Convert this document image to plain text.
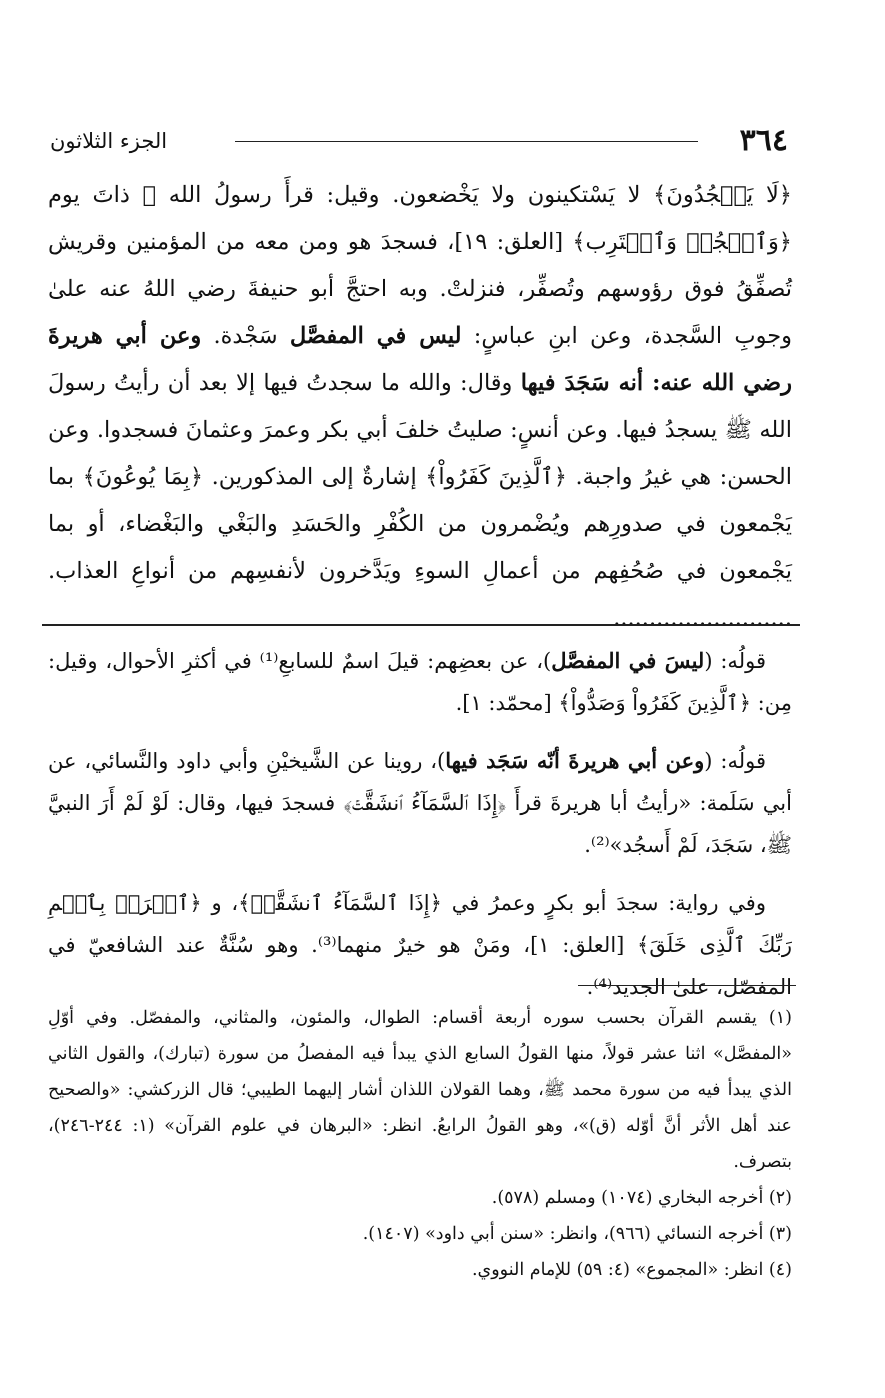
٣٦٤
الجزء الثلاثون

﴿لَا يَسۡجُدُونَ﴾ لا يَسْتكينون ولا يَخْضعون. وقيل: قرأَ رسولُ الله ﷺ ذاتَ يوم ﴿وَٱسۡجُدۡ وَٱقۡتَرِب﴾ [العلق: ١٩]، فسجدَ هو ومن معه من المؤمنين وقريش تُصفِّقُ فوق رؤوسهم وتُصفِّر، فنزلتْ. وبه احتجَّ أبو حنيفةَ رضي اللهُ عنه علىٰ وجوبِ السَّجدة، وعن ابنِ عباسٍ: ليس في المفصَّل سَجْدة. وعن أبي هريرةَ رضي الله عنه: أنه سَجَدَ فيها وقال: والله ما سجدتُ فيها إلا بعد أن رأيتُ رسولَ الله ﷺ يسجدُ فيها. وعن أنسٍ: صليتُ خلفَ أبي بكر وعمرَ وعثمانَ فسجدوا. وعن الحسن: هي غيرُ واجبة. ﴿ٱلَّذِينَ كَفَرُواْ﴾ إشارةٌ إلى المذكورين. ﴿بِمَا يُوعُونَ﴾ بما يَجْمعون في صدورِهم ويُضْمرون من الكُفْرِ والحَسَدِ والبَغْي والبَغْضاء، أو بما يَجْمعون في صُحُفِهم من أعمالِ السوءِ ويَدَّخرون لأنفسِهم من أنواعِ العذاب. .........................

قولُه: (ليسَ في المفصَّل)، عن بعضِهم: قيلَ اسمٌ للسابعِ⁽¹⁾ في أكثرِ الأحوال، وقيل: مِن: ﴿ٱلَّذِينَ كَفَرُواْ وَصَدُّواْ﴾ [محمّد: ١].

قولُه: (وعن أبي هريرةَ أنّه سَجَد فيها)، روينا عن الشَّيخيْنِ وأبي داود والنَّسائي، عن أبي سَلَمة: «رأيتُ أبا هريرةَ قرأَ ﴿إِذَا ٱلسَّمَآءُ ٱنشَقَّتۡ﴾ فسجدَ فيها، وقال: لَوْ لَمْ أَرَ النبيَّ ﷺ، سَجَدَ، لَمْ أَسجُد»⁽²⁾.

وفي رواية: سجدَ أبو بكرٍ وعمرُ في ﴿إِذَا ٱلسَّمَآءُ ٱنشَقَّتۡ﴾، و ﴿ٱقۡرَأۡ بِٱسۡمِ رَبِّكَ ٱلَّذِى خَلَقَ﴾ [العلق: ١]، ومَنْ هو خيرٌ منهما⁽³⁾. وهو سُنَّةٌ عند الشافعيّ في المفصّل، علىٰ الجديد⁽⁴⁾.

(١) يقسم القرآن بحسب سوره أربعة أقسام: الطوال، والمئون، والمثاني، والمفصّل. وفي أوّلِ «المفصَّل» اثنا عشر قولاً، منها القولُ السابع الذي يبدأ فيه المفصلُ من سورة (تبارك)، والقول الثاني الذي يبدأ فيه من سورة محمد ﷺ، وهما القولان اللذان أشار إليهما الطيبي؛ قال الزركشي: «والصحيح عند أهل الأثر أنَّ أوّله (ق)»، وهو القولُ الرابعُ. انظر: «البرهان في علوم القرآن» (١: ٢٤٤-٢٤٦)، بتصرف.

(٢) أخرجه البخاري (١٠٧٤) ومسلم (٥٧٨).

(٣) أخرجه النسائي (٩٦٦)، وانظر: «سنن أبي داود» (١٤٠٧).

(٤) انظر: «المجموع» (٤: ٥٩) للإمام النووي.
